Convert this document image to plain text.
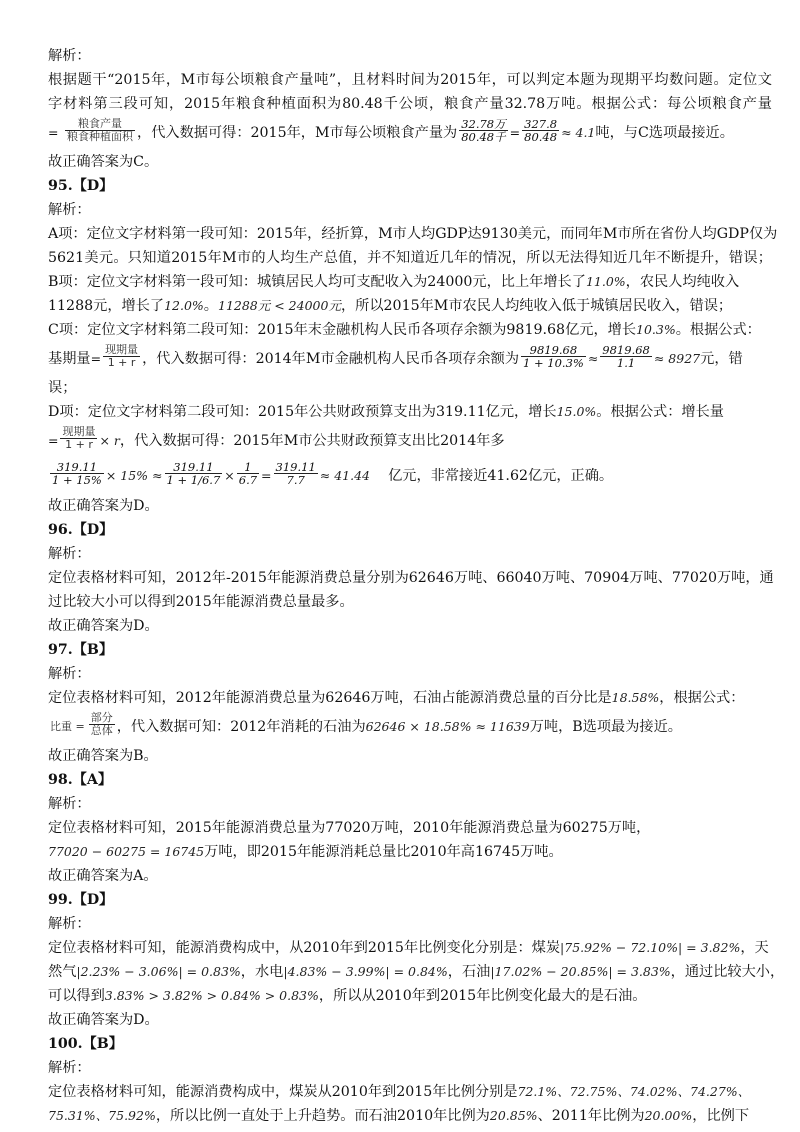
解析：
根据题干“2015年，M市每公顷粮食产量吨”，且材料时间为2015年，可以判定本题为现期平均数问题。定位文
字材料第三段可知，2015年粮食种植面积为80.48千公顷，粮食产量32.78万吨。根据公式：每公顷粮食产量
= $\frac{\text{粮食产量}}{\text{粮食种植面积}}$ ，代入数据可得：2015年，M市每公顷粮食产量为 $\frac{\text{32.78万}}{\text{80.48千}} = \frac{327.8}{80.48} \approx 4.1$吨，与C选项最接近。
故正确答案为C。
95.【D】
解析：
A项：定位文字材料第一段可知：2015年，经折算，M市人均GDP达9130美元，而同年M市所在省份人均GDP仅为
5621美元。只知道2015年M市的人均生产总值，并不知道近几年的情况，所以无法得知近几年不断提升，错误；
B项：定位文字材料第一段可知：城镇居民人均可支配收入为24000元，比上年增长了11.0%，农民人均纯收入
11288元，增长了12.0%。11288元 < 24000元，所以2015年M市农民人均纯收入低于城镇居民收入，错误；
C项：定位文字材料第二段可知：2015年末金融机构人民币各项存余额为9819.68亿元，增长10.3%。根据公式：
基期量= $\frac{\text{现期量}}{1 + r}$ ，代入数据可得：2014年M市金融机构人民币各项存余额为 $\frac{9819.68}{1 + 10.3\%} \approx \frac{9819.68}{1.1} \approx 8927$元，错
误；
D项：定位文字材料第二段可知：2015年公共财政预算支出为319.11亿元，增长15.0%。根据公式：增长量
= $\frac{\text{现期量}}{1 + r} \times r$，代入数据可得：2015年M市公共财政预算支出比2014年多
$\frac{319.11}{1 + 15\%} \times 15\% \approx \frac{319.11}{1 + 1/6.7} \times \frac{1}{6.7} = \frac{319.11}{7.7} \approx 41.44$ 亿元，非常接近41.62亿元，正确。
故正确答案为D。
96.【D】
解析：
定位表格材料可知，2012年-2015年能源消费总量分别为62646万吨、66040万吨、70904万吨、77020万吨，通
过比较大小可以得到2015年能源消费总量最多。
故正确答案为D。
97.【B】
解析：
定位表格材料可知，2012年能源消费总量为62646万吨，石油占能源消费总量的百分比是18.58%，根据公式：
比重 = $\frac{\text{部分}}{\text{总体}}$ ，代入数据可知：2012年消耗的石油为62646 × 18.58% ≈ 11639万吨，B选项最为接近。
故正确答案为B。
98.【A】
解析：
定位表格材料可知，2015年能源消费总量为77020万吨，2010年能源消费总量为60275万吨，
77020 − 60275 = 16745万吨，即2015年能源消耗总量比2010年高16745万吨。
故正确答案为A。
99.【D】
解析：
定位表格材料可知，能源消费构成中，从2010年到2015年比例变化分别是：煤炭|75.92% − 72.10%| = 3.82%，天
然气|2.23% − 3.06%| = 0.83%，水电|4.83% − 3.99%| = 0.84%，石油|17.02% − 20.85%| = 3.83%，通过比较大小，
可以得到3.83% > 3.82% > 0.84% > 0.83%，所以从2010年到2015年比例变化最大的是石油。
故正确答案为D。
100.【B】
解析：
定位表格材料可知，能源消费构成中，煤炭从2010年到2015年比例分别是72.1%、72.75%、74.02%、74.27%、
75.31%、75.92%，所以比例一直处于上升趋势。而石油2010年比例为20.85%、2011年比例为20.00%，比例下
